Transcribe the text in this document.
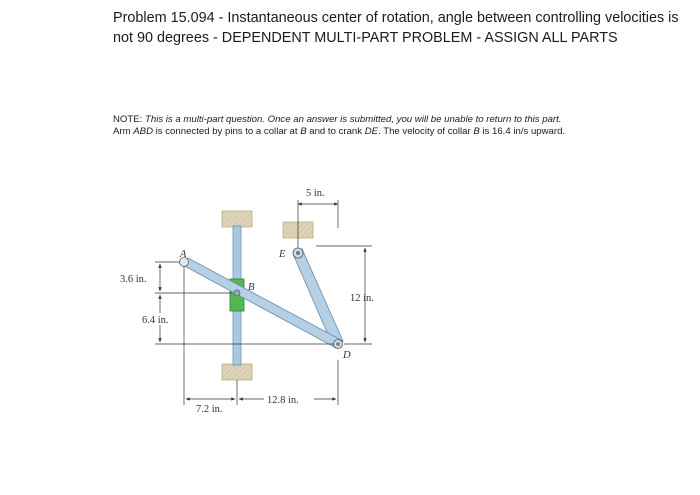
Problem 15.094 - Instantaneous center of rotation, angle between controlling velocities is not 90 degrees - DEPENDENT MULTI-PART PROBLEM - ASSIGN ALL PARTS

NOTE: This is a multi-part question. Once an answer is submitted, you will be unable to return to this part.

Arm ABD is connected by pins to a collar at B and to crank DE. The velocity of collar B is 16.4 in/s upward.

A
B
E
D
5 in.
12 in.
3.6 in.
6.4 in.
7.2 in.
12.8 in.
